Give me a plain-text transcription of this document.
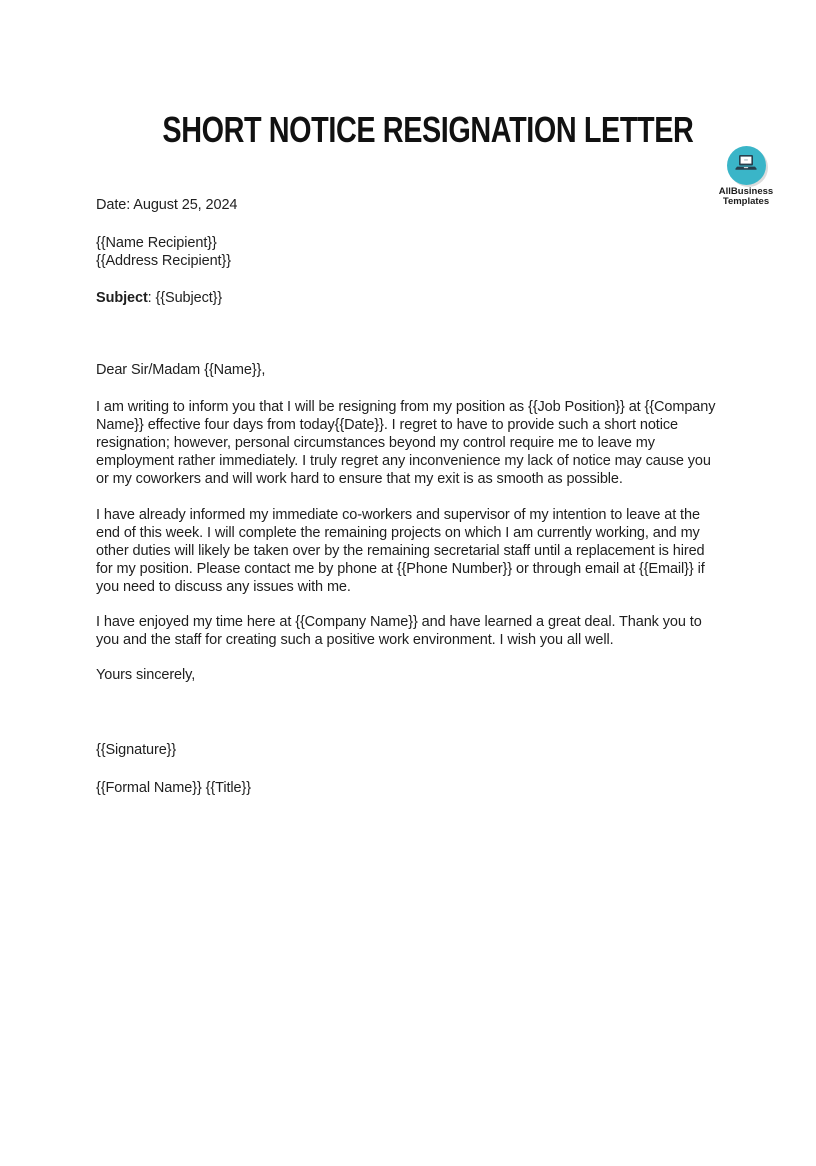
AllBusiness
Templates
SHORT NOTICE RESIGNATION LETTER

Date: August 25, 2024

{{Name Recipient}}
{{Address Recipient}}

Subject: {{Subject}}

Dear Sir/Madam {{Name}},

I am writing to inform you that I will be resigning from my position as {{Job Position}} at {{Company Name}} effective four days from today{{Date}}. I regret to have to provide such a short notice resignation; however, personal circumstances beyond my control require me to leave my employment rather immediately. I truly regret any inconvenience my lack of notice may cause you or my coworkers and will work hard to ensure that my exit is as smooth as possible.

I have already informed my immediate co-workers and supervisor of my intention to leave at the end of this week. I will complete the remaining projects on which I am currently working, and my other duties will likely be taken over by the remaining secretarial staff until a replacement is hired for my position. Please contact me by phone at {{Phone Number}} or through email at {{Email}} if you need to discuss any issues with me.

I have enjoyed my time here at {{Company Name}} and have learned a great deal. Thank you to you and the staff for creating such a positive work environment. I wish you all well.

Yours sincerely,

{{Signature}}

{{Formal Name}} {{Title}}
